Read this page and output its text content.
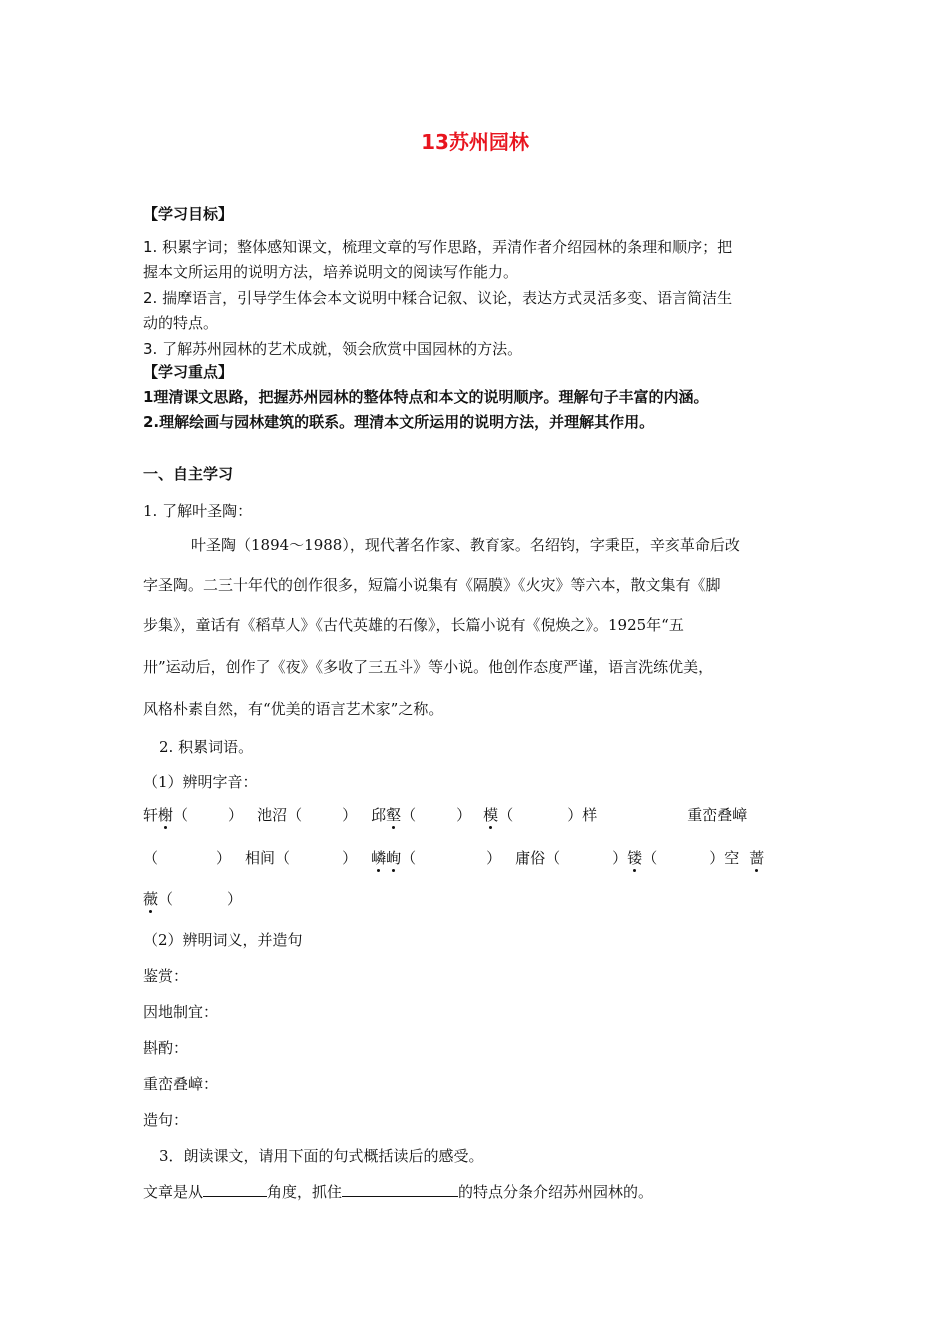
13苏州园林
【学习目标】
1. 积累字词；整体感知课文，梳理文章的写作思路，弄清作者介绍园林的条理和顺序；把
握本文所运用的说明方法，培养说明文的阅读写作能力。
2. 揣摩语言，引导学生体会本文说明中糅合记叙、议论，表达方式灵活多变、语言简洁生
动的特点。
3. 了解苏州园林的艺术成就，领会欣赏中国园林的方法。
【学习重点】
1理清课文思路，把握苏州园林的整体特点和本文的说明顺序。理解句子丰富的内涵。
2.理解绘画与园林建筑的联系。理清本文所运用的说明方法，并理解其作用。
一、自主学习
1. 了解叶圣陶：
叶圣陶（1894～1988），现代著名作家、教育家。名绍钧，字秉臣，辛亥革命后改
字圣陶。二三十年代的创作很多，短篇小说集有《隔膜》《火灾》等六本，散文集有《脚
步集》，童话有《稻草人》《古代英雄的石像》，长篇小说有《倪焕之》。1925年“五
卅”运动后，创作了《夜》《多收了三五斗》等小说。他创作态度严谨，语言洗练优美，
风格朴素自然，有“优美的语言艺术家”之称。
2. 积累词语。
（1）辨明字音：
轩榭（	） 池沼（	） 邱壑（	） 模（	）样	重峦叠嶂
（	） 相间（	） 嶙峋（	） 庸俗（	）镂（	）空 蔷
薇（	）
（2）辨明词义，并造句
鉴赏：
因地制宜：
斟酌：
重峦叠嶂：
造句：
3．朗读课文，请用下面的句式概括读后的感受。
文章是从	角度，抓住	的特点分条介绍苏州园林的。
